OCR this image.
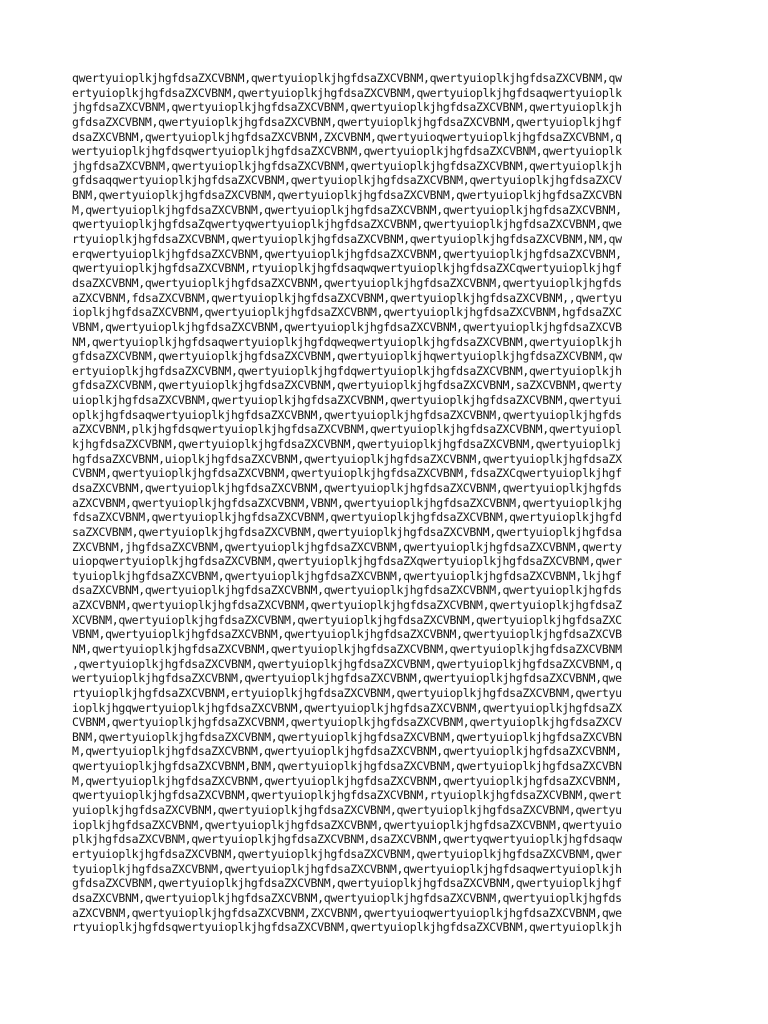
qwertyuioplkjhgfdsaZXCVBNM,qwertyuioplkjhgfdsaZXCVBNM,qwertyuioplkjhgfdsaZXCVBNM,qw
ertyuioplkjhgfdsaZXCVBNM,qwertyuioplkjhgfdsaZXCVBNM,qwertyuioplkjhgfdsaqwertyuioplk
jhgfdsaZXCVBNM,qwertyuioplkjhgfdsaZXCVBNM,qwertyuioplkjhgfdsaZXCVBNM,qwertyuioplkjh
gfdsaZXCVBNM,qwertyuioplkjhgfdsaZXCVBNM,qwertyuioplkjhgfdsaZXCVBNM,qwertyuioplkjhgf
dsaZXCVBNM,qwertyuioplkjhgfdsaZXCVBNM,ZXCVBNM,qwertyuioqwertyuioplkjhgfdsaZXCVBNM,q
wertyuioplkjhgfdsqwertyuioplkjhgfdsaZXCVBNM,qwertyuioplkjhgfdsaZXCVBNM,qwertyuioplk
jhgfdsaZXCVBNM,qwertyuioplkjhgfdsaZXCVBNM,qwertyuioplkjhgfdsaZXCVBNM,qwertyuioplkjh
gfdsaqqwertyuioplkjhgfdsaZXCVBNM,qwertyuioplkjhgfdsaZXCVBNM,qwertyuioplkjhgfdsaZXCV
BNM,qwertyuioplkjhgfdsaZXCVBNM,qwertyuioplkjhgfdsaZXCVBNM,qwertyuioplkjhgfdsaZXCVBN
M,qwertyuioplkjhgfdsaZXCVBNM,qwertyuioplkjhgfdsaZXCVBNM,qwertyuioplkjhgfdsaZXCVBNM,
qwertyuioplkjhgfdsaZqwertyqwertyuioplkjhgfdsaZXCVBNM,qwertyuioplkjhgfdsaZXCVBNM,qwe
rtyuioplkjhgfdsaZXCVBNM,qwertyuioplkjhgfdsaZXCVBNM,qwertyuioplkjhgfdsaZXCVBNM,NM,qw
erqwertyuioplkjhgfdsaZXCVBNM,qwertyuioplkjhgfdsaZXCVBNM,qwertyuioplkjhgfdsaZXCVBNM,
qwertyuioplkjhgfdsaZXCVBNM,rtyuioplkjhgfdsaqwqwertyuioplkjhgfdsaZXCqwertyuioplkjhgf
dsaZXCVBNM,qwertyuioplkjhgfdsaZXCVBNM,qwertyuioplkjhgfdsaZXCVBNM,qwertyuioplkjhgfds
aZXCVBNM,fdsaZXCVBNM,qwertyuioplkjhgfdsaZXCVBNM,qwertyuioplkjhgfdsaZXCVBNM,,qwertyu
ioplkjhgfdsaZXCVBNM,qwertyuioplkjhgfdsaZXCVBNM,qwertyuioplkjhgfdsaZXCVBNM,hgfdsaZXC
VBNM,qwertyuioplkjhgfdsaZXCVBNM,qwertyuioplkjhgfdsaZXCVBNM,qwertyuioplkjhgfdsaZXCVB
NM,qwertyuioplkjhgfdsaqwertyuioplkjhgfdqweqwertyuioplkjhgfdsaZXCVBNM,qwertyuioplkjh
gfdsaZXCVBNM,qwertyuioplkjhgfdsaZXCVBNM,qwertyuioplkjhqwertyuioplkjhgfdsaZXCVBNM,qw
ertyuioplkjhgfdsaZXCVBNM,qwertyuioplkjhgfdqwertyuioplkjhgfdsaZXCVBNM,qwertyuioplkjh
gfdsaZXCVBNM,qwertyuioplkjhgfdsaZXCVBNM,qwertyuioplkjhgfdsaZXCVBNM,saZXCVBNM,qwerty
uioplkjhgfdsaZXCVBNM,qwertyuioplkjhgfdsaZXCVBNM,qwertyuioplkjhgfdsaZXCVBNM,qwertyui
oplkjhgfdsaqwertyuioplkjhgfdsaZXCVBNM,qwertyuioplkjhgfdsaZXCVBNM,qwertyuioplkjhgfds
aZXCVBNM,plkjhgfdsqwertyuioplkjhgfdsaZXCVBNM,qwertyuioplkjhgfdsaZXCVBNM,qwertyuiopl
kjhgfdsaZXCVBNM,qwertyuioplkjhgfdsaZXCVBNM,qwertyuioplkjhgfdsaZXCVBNM,qwertyuioplkj
hgfdsaZXCVBNM,uioplkjhgfdsaZXCVBNM,qwertyuioplkjhgfdsaZXCVBNM,qwertyuioplkjhgfdsaZX
CVBNM,qwertyuioplkjhgfdsaZXCVBNM,qwertyuioplkjhgfdsaZXCVBNM,fdsaZXCqwertyuioplkjhgf
dsaZXCVBNM,qwertyuioplkjhgfdsaZXCVBNM,qwertyuioplkjhgfdsaZXCVBNM,qwertyuioplkjhgfds
aZXCVBNM,qwertyuioplkjhgfdsaZXCVBNM,VBNM,qwertyuioplkjhgfdsaZXCVBNM,qwertyuioplkjhg
fdsaZXCVBNM,qwertyuioplkjhgfdsaZXCVBNM,qwertyuioplkjhgfdsaZXCVBNM,qwertyuioplkjhgfd
saZXCVBNM,qwertyuioplkjhgfdsaZXCVBNM,qwertyuioplkjhgfdsaZXCVBNM,qwertyuioplkjhgfdsa
ZXCVBNM,jhgfdsaZXCVBNM,qwertyuioplkjhgfdsaZXCVBNM,qwertyuioplkjhgfdsaZXCVBNM,qwerty
uiopqwertyuioplkjhgfdsaZXCVBNM,qwertyuioplkjhgfdsaZXqwertyuioplkjhgfdsaZXCVBNM,qwer
tyuioplkjhgfdsaZXCVBNM,qwertyuioplkjhgfdsaZXCVBNM,qwertyuioplkjhgfdsaZXCVBNM,lkjhgf
dsaZXCVBNM,qwertyuioplkjhgfdsaZXCVBNM,qwertyuioplkjhgfdsaZXCVBNM,qwertyuioplkjhgfds
aZXCVBNM,qwertyuioplkjhgfdsaZXCVBNM,qwertyuioplkjhgfdsaZXCVBNM,qwertyuioplkjhgfdsaZ
XCVBNM,qwertyuioplkjhgfdsaZXCVBNM,qwertyuioplkjhgfdsaZXCVBNM,qwertyuioplkjhgfdsaZXC
VBNM,qwertyuioplkjhgfdsaZXCVBNM,qwertyuioplkjhgfdsaZXCVBNM,qwertyuioplkjhgfdsaZXCVB
NM,qwertyuioplkjhgfdsaZXCVBNM,qwertyuioplkjhgfdsaZXCVBNM,qwertyuioplkjhgfdsaZXCVBNM
,qwertyuioplkjhgfdsaZXCVBNM,qwertyuioplkjhgfdsaZXCVBNM,qwertyuioplkjhgfdsaZXCVBNM,q
wertyuioplkjhgfdsaZXCVBNM,qwertyuioplkjhgfdsaZXCVBNM,qwertyuioplkjhgfdsaZXCVBNM,qwe
rtyuioplkjhgfdsaZXCVBNM,ertyuioplkjhgfdsaZXCVBNM,qwertyuioplkjhgfdsaZXCVBNM,qwertyu
ioplkjhgqwertyuioplkjhgfdsaZXCVBNM,qwertyuioplkjhgfdsaZXCVBNM,qwertyuioplkjhgfdsaZX
CVBNM,qwertyuioplkjhgfdsaZXCVBNM,qwertyuioplkjhgfdsaZXCVBNM,qwertyuioplkjhgfdsaZXCV
BNM,qwertyuioplkjhgfdsaZXCVBNM,qwertyuioplkjhgfdsaZXCVBNM,qwertyuioplkjhgfdsaZXCVBN
M,qwertyuioplkjhgfdsaZXCVBNM,qwertyuioplkjhgfdsaZXCVBNM,qwertyuioplkjhgfdsaZXCVBNM,
qwertyuioplkjhgfdsaZXCVBNM,BNM,qwertyuioplkjhgfdsaZXCVBNM,qwertyuioplkjhgfdsaZXCVBN
M,qwertyuioplkjhgfdsaZXCVBNM,qwertyuioplkjhgfdsaZXCVBNM,qwertyuioplkjhgfdsaZXCVBNM,
qwertyuioplkjhgfdsaZXCVBNM,qwertyuioplkjhgfdsaZXCVBNM,rtyuioplkjhgfdsaZXCVBNM,qwert
yuioplkjhgfdsaZXCVBNM,qwertyuioplkjhgfdsaZXCVBNM,qwertyuioplkjhgfdsaZXCVBNM,qwertyu
ioplkjhgfdsaZXCVBNM,qwertyuioplkjhgfdsaZXCVBNM,qwertyuioplkjhgfdsaZXCVBNM,qwertyuio
plkjhgfdsaZXCVBNM,qwertyuioplkjhgfdsaZXCVBNM,dsaZXCVBNM,qwertyqwertyuioplkjhgfdsaqw
ertyuioplkjhgfdsaZXCVBNM,qwertyuioplkjhgfdsaZXCVBNM,qwertyuioplkjhgfdsaZXCVBNM,qwer
tyuioplkjhgfdsaZXCVBNM,qwertyuioplkjhgfdsaZXCVBNM,qwertyuioplkjhgfdsaqwertyuioplkjh
gfdsaZXCVBNM,qwertyuioplkjhgfdsaZXCVBNM,qwertyuioplkjhgfdsaZXCVBNM,qwertyuioplkjhgf
dsaZXCVBNM,qwertyuioplkjhgfdsaZXCVBNM,qwertyuioplkjhgfdsaZXCVBNM,qwertyuioplkjhgfds
aZXCVBNM,qwertyuioplkjhgfdsaZXCVBNM,ZXCVBNM,qwertyuioqwertyuioplkjhgfdsaZXCVBNM,qwe
rtyuioplkjhgfdsqwertyuioplkjhgfdsaZXCVBNM,qwertyuioplkjhgfdsaZXCVBNM,qwertyuioplkjh
